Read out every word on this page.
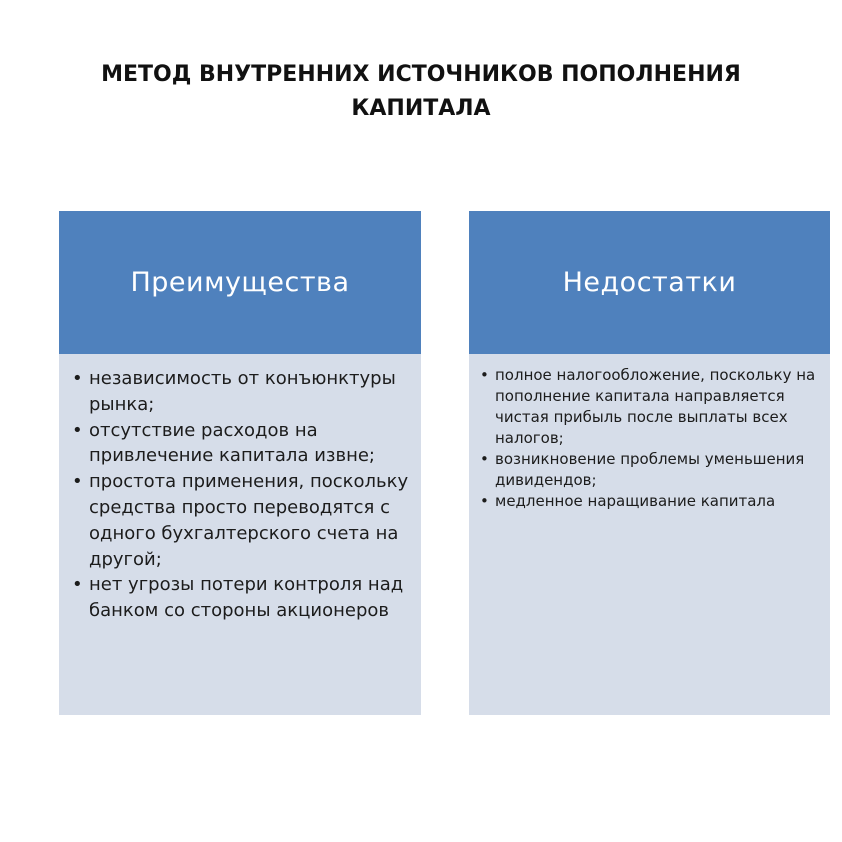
МЕТОД ВНУТРЕННИХ ИСТОЧНИКОВ ПОПОЛНЕНИЯ
КАПИТАЛА
Преимущества
• независимость от конъюнктуры рынка;
• отсутствие расходов на привлечение капитала извне;
• простота применения, поскольку средства просто переводятся с одного бухгалтерского счета на другой;
• нет угрозы потери контроля над банком со стороны акционеров
Недостатки
• полное налогообложение, поскольку на пополнение капитала направляется чистая прибыль после выплаты всех налогов;
• возникновение проблемы уменьшения дивидендов;
• медленное наращивание капитала
